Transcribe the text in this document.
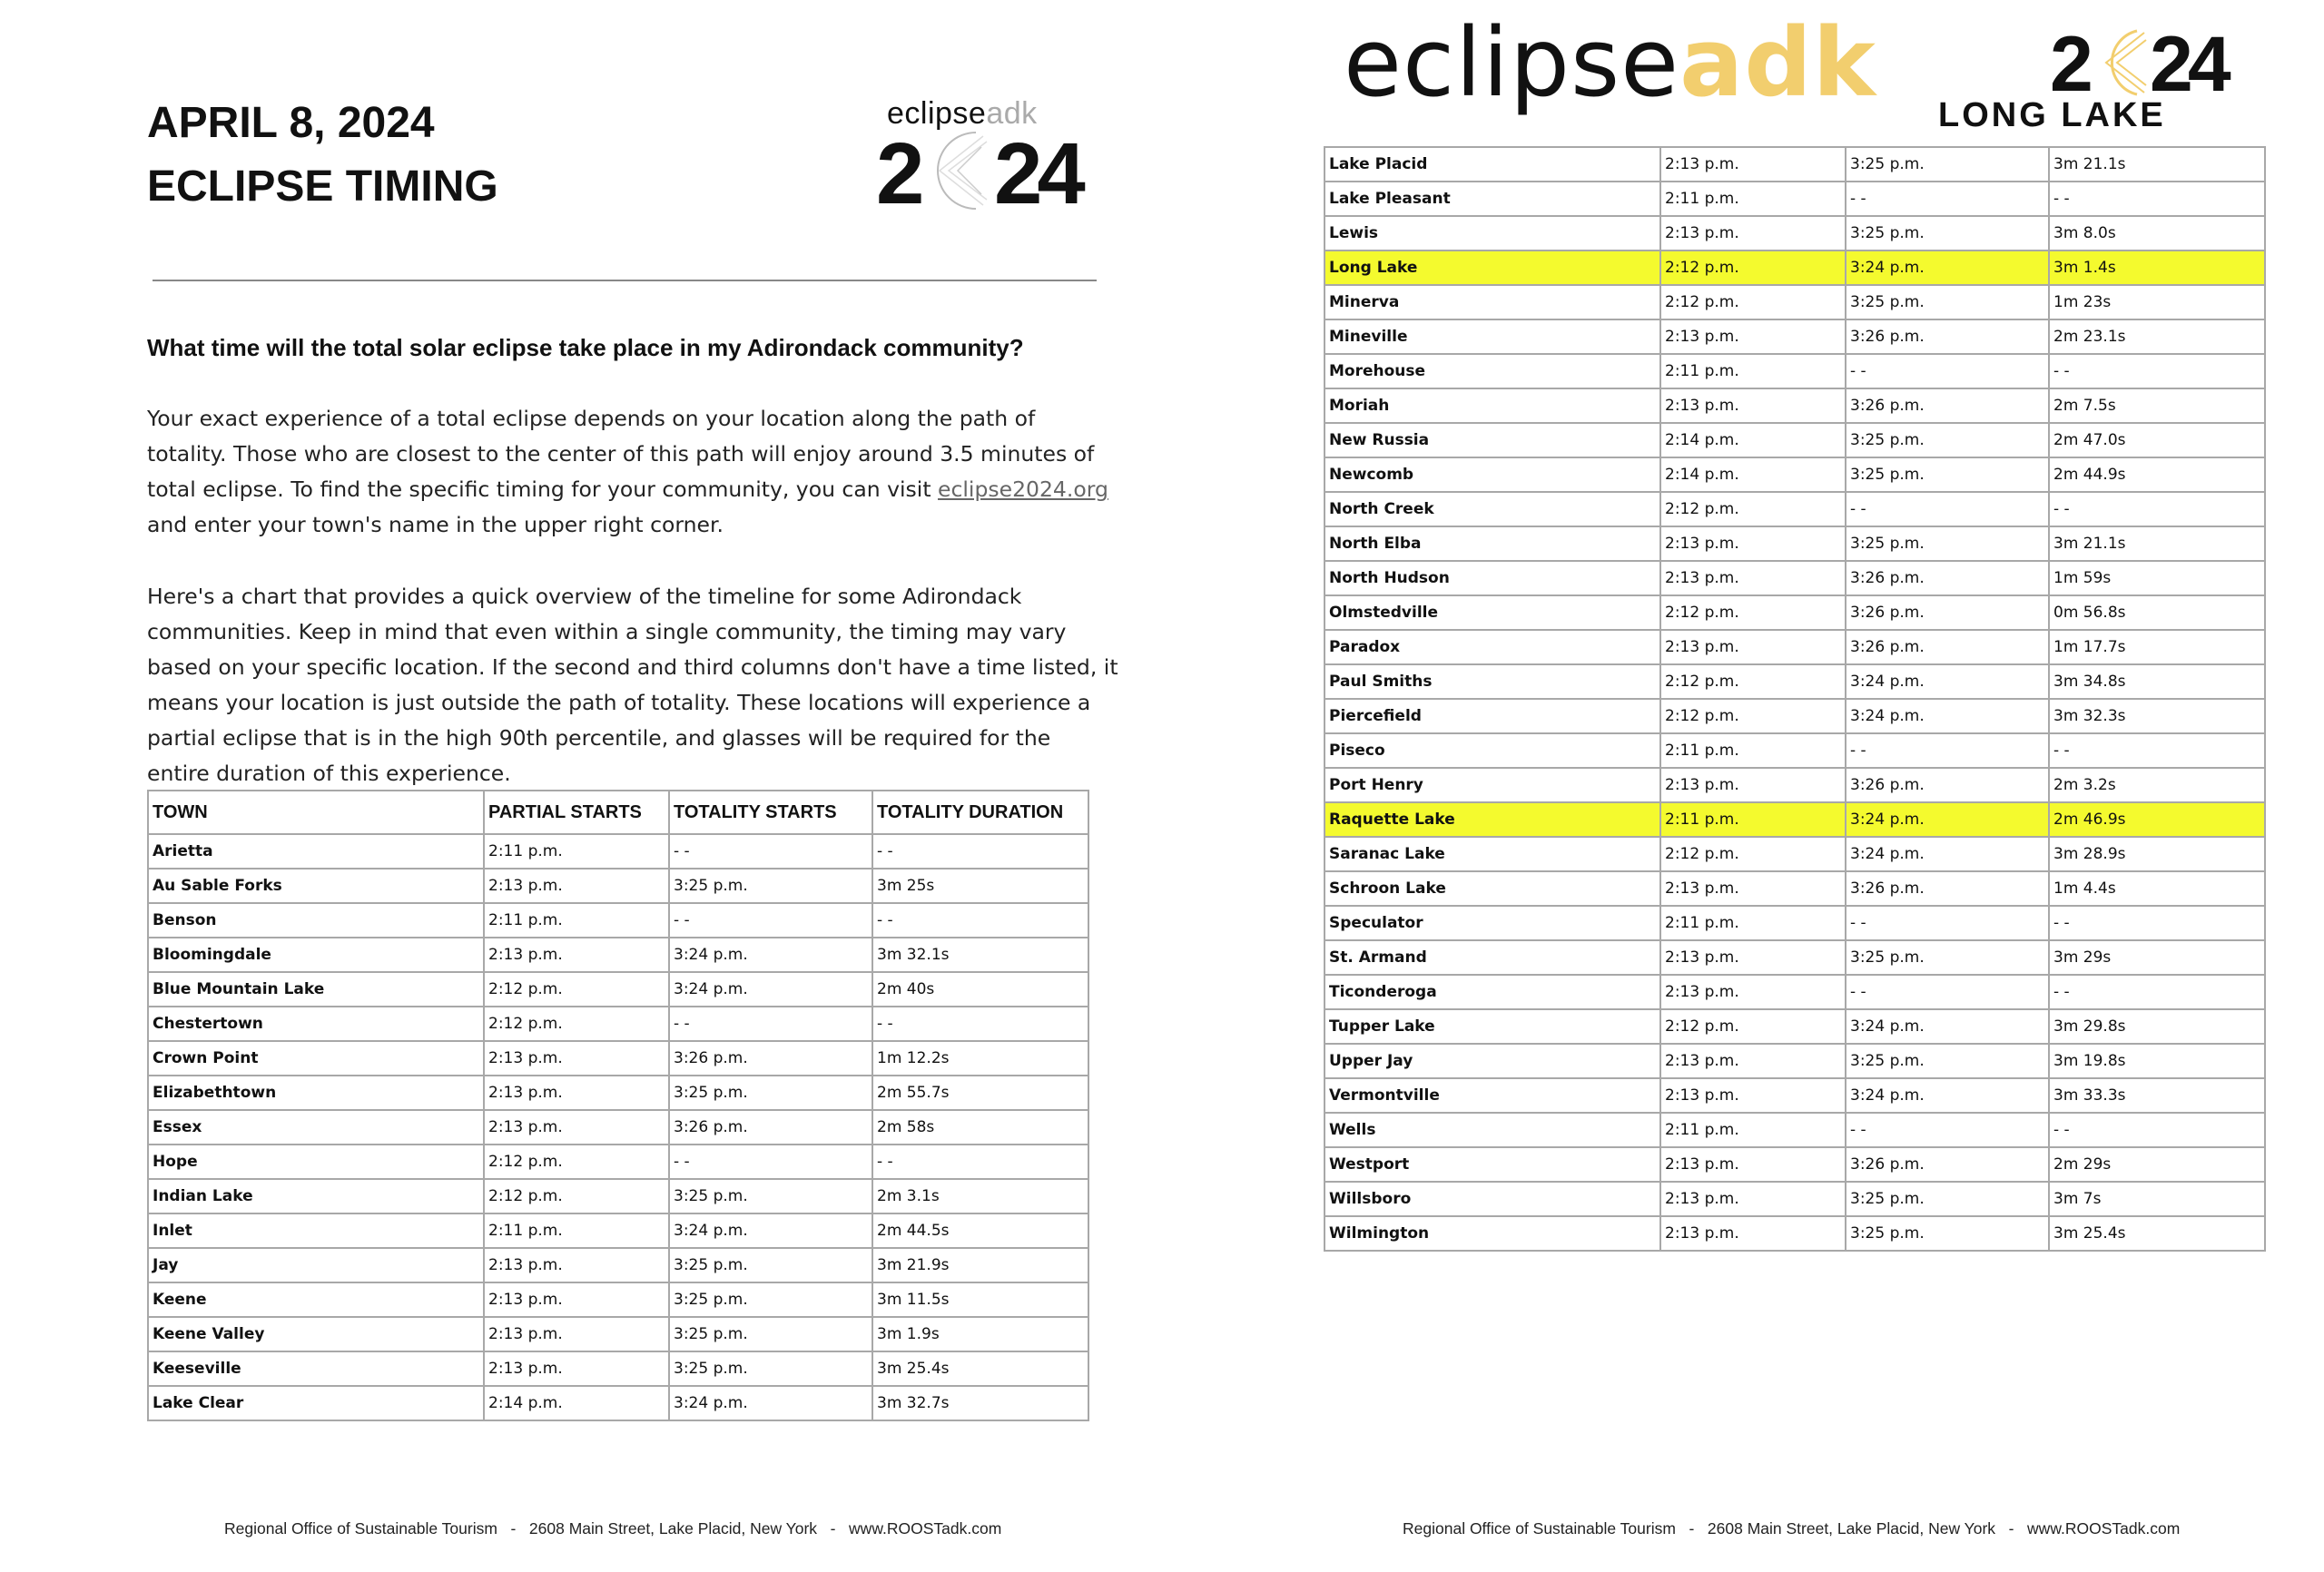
APRIL 8, 2024
ECLIPSE TIMING
eclipseadk
2 24
What time will the total solar eclipse take place in my Adirondack community?

Your exact experience of a total eclipse depends on your location along the path of totality. Those who are closest to the center of this path will enjoy around 3.5 minutes of total eclipse. To find the specific timing for your community, you can visit eclipse2024.org and enter your town's name in the upper right corner.

Here's a chart that provides a quick overview of the timeline for some Adirondack communities. Keep in mind that even within a single community, the timing may vary based on your specific location. If the second and third columns don't have a time listed, it means your location is just outside the path of totality. These locations will experience a partial eclipse that is in the high 90th percentile, and glasses will be required for the entire duration of this experience.

TOWN	PARTIAL STARTS	TOTALITY STARTS	TOTALITY DURATION
Arietta	2:11 p.m.	- -	- -
Au Sable Forks	2:13 p.m.	3:25 p.m.	3m 25s
Benson	2:11 p.m.	- -	- -
Bloomingdale	2:13 p.m.	3:24 p.m.	3m 32.1s
Blue Mountain Lake	2:12 p.m.	3:24 p.m.	2m 40s
Chestertown	2:12 p.m.	- -	- -
Crown Point	2:13 p.m.	3:26 p.m.	1m 12.2s
Elizabethtown	2:13 p.m.	3:25 p.m.	2m 55.7s
Essex	2:13 p.m.	3:26 p.m.	2m 58s
Hope	2:12 p.m.	- -	- -
Indian Lake	2:12 p.m.	3:25 p.m.	2m 3.1s
Inlet	2:11 p.m.	3:24 p.m.	2m 44.5s
Jay	2:13 p.m.	3:25 p.m.	3m 21.9s
Keene	2:13 p.m.	3:25 p.m.	3m 11.5s
Keene Valley	2:13 p.m.	3:25 p.m.	3m 1.9s
Keeseville	2:13 p.m.	3:25 p.m.	3m 25.4s
Lake Clear	2:14 p.m.	3:24 p.m.	3m 32.7s

Regional Office of Sustainable Tourism   -   2608 Main Street, Lake Placid, New York   -   www.ROOSTadk.com

eclipseadk 2 24
LONG LAKE
Lake Placid	2:13 p.m.	3:25 p.m.	3m 21.1s
Lake Pleasant	2:11 p.m.	- -	- -
Lewis	2:13 p.m.	3:25 p.m.	3m 8.0s
Long Lake	2:12 p.m.	3:24 p.m.	3m 1.4s
Minerva	2:12 p.m.	3:25 p.m.	1m 23s
Mineville	2:13 p.m.	3:26 p.m.	2m 23.1s
Morehouse	2:11 p.m.	- -	- -
Moriah	2:13 p.m.	3:26 p.m.	2m 7.5s
New Russia	2:14 p.m.	3:25 p.m.	2m 47.0s
Newcomb	2:14 p.m.	3:25 p.m.	2m 44.9s
North Creek	2:12 p.m.	- -	- -
North Elba	2:13 p.m.	3:25 p.m.	3m 21.1s
North Hudson	2:13 p.m.	3:26 p.m.	1m 59s
Olmstedville	2:12 p.m.	3:26 p.m.	0m 56.8s
Paradox	2:13 p.m.	3:26 p.m.	1m 17.7s
Paul Smiths	2:12 p.m.	3:24 p.m.	3m 34.8s
Piercefield	2:12 p.m.	3:24 p.m.	3m 32.3s
Piseco	2:11 p.m.	- -	- -
Port Henry	2:13 p.m.	3:26 p.m.	2m 3.2s
Raquette Lake	2:11 p.m.	3:24 p.m.	2m 46.9s
Saranac Lake	2:12 p.m.	3:24 p.m.	3m 28.9s
Schroon Lake	2:13 p.m.	3:26 p.m.	1m 4.4s
Speculator	2:11 p.m.	- -	- -
St. Armand	2:13 p.m.	3:25 p.m.	3m 29s
Ticonderoga	2:13 p.m.	- -	- -
Tupper Lake	2:12 p.m.	3:24 p.m.	3m 29.8s
Upper Jay	2:13 p.m.	3:25 p.m.	3m 19.8s
Vermontville	2:13 p.m.	3:24 p.m.	3m 33.3s
Wells	2:11 p.m.	- -	- -
Westport	2:13 p.m.	3:26 p.m.	2m 29s
Willsboro	2:13 p.m.	3:25 p.m.	3m 7s
Wilmington	2:13 p.m.	3:25 p.m.	3m 25.4s

Regional Office of Sustainable Tourism   -   2608 Main Street, Lake Placid, New York   -   www.ROOSTadk.com
